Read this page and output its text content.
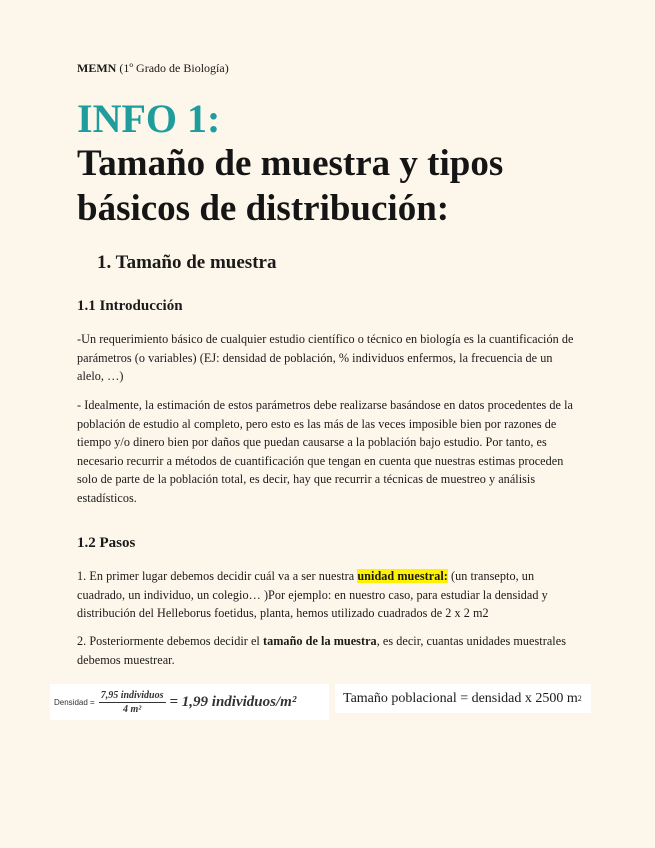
MEMN (1º Grado de Biología)
INFO 1:
Tamaño de muestra y tipos básicos de distribución:
1. Tamaño de muestra
1.1 Introducción

-Un requerimiento básico de cualquier estudio científico o técnico en biología es la cuantificación de parámetros (o variables) (EJ: densidad de población, % individuos enfermos, la frecuencia de un alelo, …)

- Idealmente, la estimación de estos parámetros debe realizarse basándose en datos procedentes de la población de estudio al completo, pero esto es las más de las veces imposible bien por razones de tiempo y/o dinero bien por daños que puedan causarse a la población bajo estudio. Por tanto, es necesario recurrir a métodos de cuantificación que tengan en cuenta que nuestras estimas proceden solo de parte de la población total, es decir, hay que recurrir a técnicas de muestreo y análisis estadísticos.

1.2 Pasos

1. En primer lugar debemos decidir cuál va a ser nuestra unidad muestral: (un transepto, un cuadrado, un individuo, un colegio… )Por ejemplo: en nuestro caso, para estudiar la densidad y distribución del Helleborus foetidus, planta, hemos utilizado cuadrados de 2 x 2 m2

2. Posteriormente debemos decidir el tamaño de la muestra, es decir, cuantas unidades muestrales debemos muestrear.

Densidad = $\frac{\text{7,95 individuos}}{\text{4 m²}} = 1,99$ individuos/m²	Tamaño poblacional = densidad x 2500 m 2
